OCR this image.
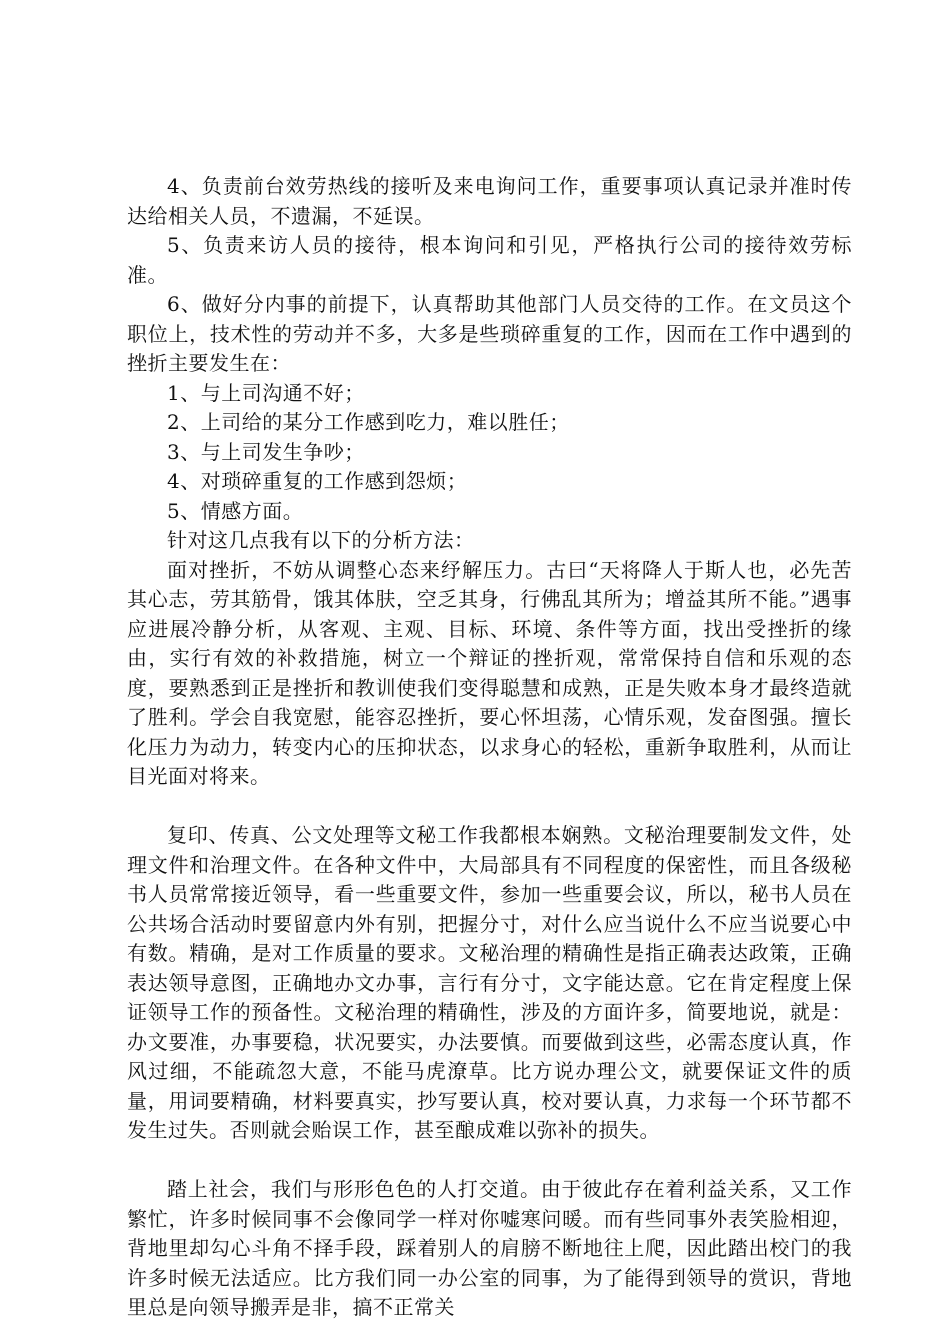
4、负责前台效劳热线的接听及来电询问工作，重要事项认真记录并准时传达给相关人员，不遗漏，不延误。

5、负责来访人员的接待，根本询问和引见，严格执行公司的接待效劳标准。

6、做好分内事的前提下，认真帮助其他部门人员交待的工作。在文员这个职位上，技术性的劳动并不多，大多是些琐碎重复的工作，因而在工作中遇到的挫折主要发生在：

1、与上司沟通不好；

2、上司给的某分工作感到吃力，难以胜任；

3、与上司发生争吵；

4、对琐碎重复的工作感到怨烦；

5、情感方面。

针对这几点我有以下的分析方法：

面对挫折，不妨从调整心态来纾解压力。古曰“天将降人于斯人也，必先苦其心志，劳其筋骨，饿其体肤，空乏其身，行佛乱其所为；增益其所不能。”遇事应进展冷静分析，从客观、主观、目标、环境、条件等方面，找出受挫折的缘由，实行有效的补救措施，树立一个辩证的挫折观，常常保持自信和乐观的态度，要熟悉到正是挫折和教训使我们变得聪慧和成熟，正是失败本身才最终造就了胜利。学会自我宽慰，能容忍挫折，要心怀坦荡，心情乐观，发奋图强。擅长化压力为动力，转变内心的压抑状态，以求身心的轻松，重新争取胜利，从而让目光面对将来。

复印、传真、公文处理等文秘工作我都根本娴熟。文秘治理要制发文件，处理文件和治理文件。在各种文件中，大局部具有不同程度的保密性，而且各级秘书人员常常接近领导，看一些重要文件，参加一些重要会议，所以，秘书人员在公共场合活动时要留意内外有别，把握分寸，对什么应当说什么不应当说要心中有数。精确，是对工作质量的要求。文秘治理的精确性是指正确表达政策，正确表达领导意图，正确地办文办事，言行有分寸，文字能达意。它在肯定程度上保证领导工作的预备性。文秘治理的精确性，涉及的方面许多，简要地说，就是：办文要准，办事要稳，状况要实，办法要慎。而要做到这些，必需态度认真，作风过细，不能疏忽大意，不能马虎潦草。比方说办理公文，就要保证文件的质量，用词要精确，材料要真实，抄写要认真，校对要认真，力求每一个环节都不发生过失。否则就会贻误工作，甚至酿成难以弥补的损失。

踏上社会，我们与形形色色的人打交道。由于彼此存在着利益关系，又工作繁忙，许多时候同事不会像同学一样对你嘘寒问暖。而有些同事外表笑脸相迎，背地里却勾心斗角不择手段，踩着别人的肩膀不断地往上爬，因此踏出校门的我许多时候无法适应。比方我们同一办公室的同事，为了能得到领导的赏识，背地里总是向领导搬弄是非，搞不正常关
